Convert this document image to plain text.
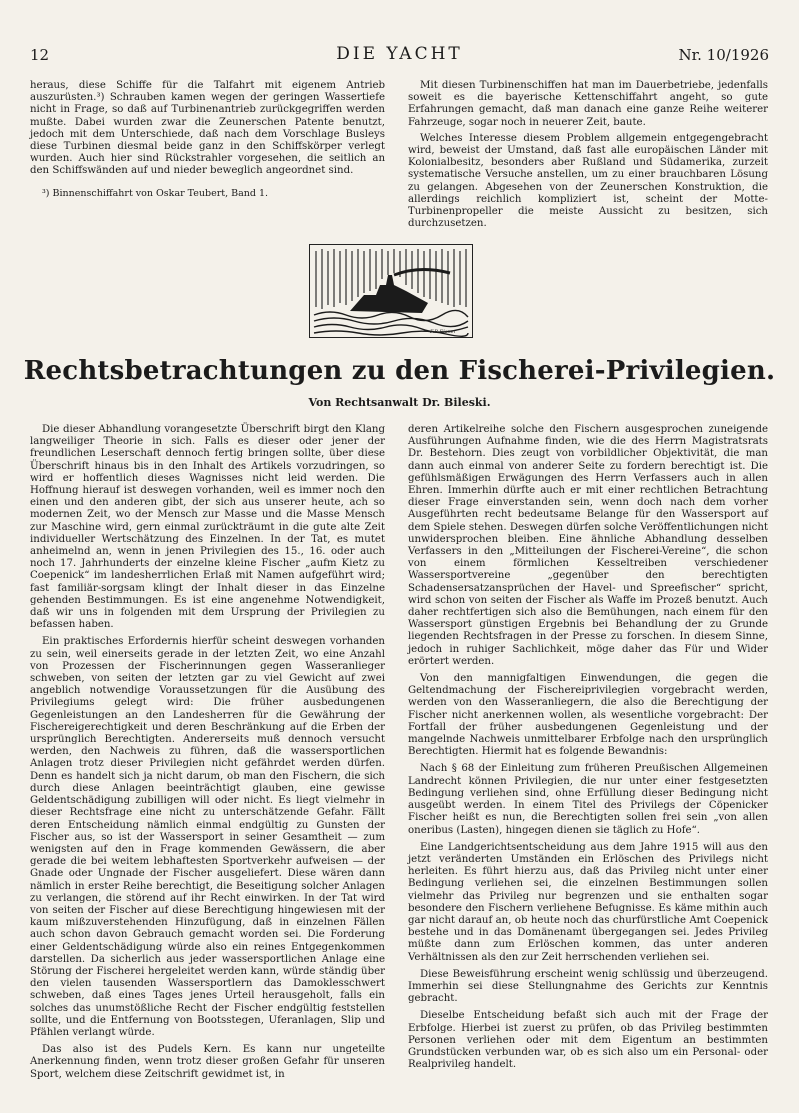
12	DIE YACHT	Nr. 10/1926

heraus, diese Schiffe für die Talfahrt mit eigenem Antrieb auszurüsten.³) Schrauben kamen wegen der geringen Wassertiefe nicht in Frage, so daß auf Turbinenantrieb zurückgegriffen werden mußte. Dabei wurden zwar die Zeunerschen Patente benutzt, jedoch mit dem Unterschiede, daß nach dem Vorschlage Busleys diese Turbinen diesmal beide ganz in den Schiffskörper verlegt wurden. Auch hier sind Rückstrahler vorgesehen, die seitlich an den Schiffswänden auf und nieder beweglich angeordnet sind.

³) Binnenschiffahrt von Oskar Teubert, Band 1.

Mit diesen Turbinenschiffen hat man im Dauerbetriebe, jedenfalls soweit es die bayerische Kettenschiffahrt angeht, so gute Erfahrungen gemacht, daß man danach eine ganze Reihe weiterer Fahrzeuge, sogar noch in neuerer Zeit, baute.

Welches Interesse diesem Problem allgemein entgegengebracht wird, beweist der Umstand, daß fast alle europäischen Länder mit Kolonialbesitz, besonders aber Rußland und Südamerika, zurzeit systematische Versuche anstellen, um zu einer brauchbaren Lösung zu gelangen. Abgesehen von der Zeunerschen Konstruktion, die allerdings reichlich kompliziert ist, scheint der Motte-Turbinenpropeller die meiste Aussicht zu besitzen, sich durchzusetzen.

F.R.Eisner
Rechtsbetrachtungen zu den Fischerei-Privilegien.
Von Rechtsanwalt Dr. Bileski.

Die dieser Abhandlung vorangesetzte Überschrift birgt den Klang langweiliger Theorie in sich. Falls es dieser oder jener der freundlichen Leserschaft dennoch fertig bringen sollte, über diese Überschrift hinaus bis in den Inhalt des Artikels vorzudringen, so wird er hoffentlich dieses Wagnisses nicht leid werden. Die Hoffnung hierauf ist deswegen vorhanden, weil es immer noch den einen und den anderen gibt, der sich aus unserer heute, ach so modernen Zeit, wo der Mensch zur Masse und die Masse Mensch zur Maschine wird, gern einmal zurückträumt in die gute alte Zeit individueller Wertschätzung des Einzelnen. In der Tat, es mutet anheimelnd an, wenn in jenen Privilegien des 15., 16. oder auch noch 17. Jahrhunderts der einzelne kleine Fischer „aufm Kietz zu Coepenick“ im landesherrlichen Erlaß mit Namen aufgeführt wird; fast familiär-sorgsam klingt der Inhalt dieser in das Einzelne gehenden Bestimmungen. Es ist eine angenehme Notwendigkeit, daß wir uns in folgenden mit dem Ursprung der Privilegien zu befassen haben.

Ein praktisches Erfordernis hierfür scheint deswegen vorhanden zu sein, weil einerseits gerade in der letzten Zeit, wo eine Anzahl von Prozessen der Fischerinnungen gegen Wasseranlieger schweben, von seiten der letzten gar zu viel Gewicht auf zwei angeblich notwendige Voraussetzungen für die Ausübung des Privilegiums gelegt wird: Die früher ausbedungenen Gegenleistungen an den Landesherren für die Gewährung der Fischereigerechtigkeit und deren Beschränkung auf die Erben der ursprünglich Berechtigten. Andererseits muß dennoch versucht werden, den Nachweis zu führen, daß die wassersportlichen Anlagen trotz dieser Privilegien nicht gefährdet werden dürfen. Denn es handelt sich ja nicht darum, ob man den Fischern, die sich durch diese Anlagen beeinträchtigt glauben, eine gewisse Geldentschädigung zubilligen will oder nicht. Es liegt vielmehr in dieser Rechtsfrage eine nicht zu unterschätzende Gefahr. Fällt deren Entscheidung nämlich einmal endgültig zu Gunsten der Fischer aus, so ist der Wassersport in seiner Gesamtheit — zum wenigsten auf den in Frage kommenden Gewässern, die aber gerade die bei weitem lebhaftesten Sportverkehr aufweisen — der Gnade oder Ungnade der Fischer ausgeliefert. Diese wären dann nämlich in erster Reihe berechtigt, die Beseitigung solcher Anlagen zu verlangen, die störend auf ihr Recht einwirken. In der Tat wird von seiten der Fischer auf diese Berechtigung hingewiesen mit der kaum mißzuverstehenden Hinzufügung, daß in einzelnen Fällen auch schon davon Gebrauch gemacht worden sei. Die Forderung einer Geldentschädigung würde also ein reines Entgegenkommen darstellen. Da sicherlich aus jeder wassersportlichen Anlage eine Störung der Fischerei hergeleitet werden kann, würde ständig über den vielen tausenden Wassersportlern das Damoklesschwert schweben, daß eines Tages jenes Urteil herausgeholt, falls ein solches das unumstößliche Recht der Fischer endgültig feststellen sollte, und die Entfernung von Bootsstegen, Uferanlagen, Slip und Pfählen verlangt würde.

Das also ist des Pudels Kern. Es kann nur ungeteilte Anerkennung finden, wenn trotz dieser großen Gefahr für unseren Sport, welchem diese Zeitschrift gewidmet ist, in

deren Artikelreihe solche den Fischern ausgesprochen zuneigende Ausführungen Aufnahme finden, wie die des Herrn Magistratsrats Dr. Bestehorn. Dies zeugt von vorbildlicher Objektivität, die man dann auch einmal von anderer Seite zu fordern berechtigt ist. Die gefühlsmäßigen Erwägungen des Herrn Verfassers auch in allen Ehren. Immerhin dürfte auch er mit einer rechtlichen Betrachtung dieser Frage einverstanden sein, wenn doch nach dem vorher Ausgeführten recht bedeutsame Belange für den Wassersport auf dem Spiele stehen. Deswegen dürfen solche Veröffentlichungen nicht unwidersprochen bleiben. Eine ähnliche Abhandlung desselben Verfassers in den „Mitteilungen der Fischerei-Vereine“, die schon von einem förmlichen Kesseltreiben verschiedener Wassersportvereine „gegenüber den berechtigten Schadensersatzansprüchen der Havel- und Spreefischer“ spricht, wird schon von seiten der Fischer als Waffe im Prozeß benutzt. Auch daher rechtfertigen sich also die Bemühungen, nach einem für den Wassersport günstigen Ergebnis bei Behandlung der zu Grunde liegenden Rechtsfragen in der Presse zu forschen. In diesem Sinne, jedoch in ruhiger Sachlichkeit, möge daher das Für und Wider erörtert werden.

Von den mannigfaltigen Einwendungen, die gegen die Geltendmachung der Fischereiprivilegien vorgebracht werden, werden von den Wasseranliegern, die also die Berechtigung der Fischer nicht anerkennen wollen, als wesentliche vorgebracht: Der Fortfall der früher ausbedungenen Gegenleistung und der mangelnde Nachweis unmittelbarer Erbfolge nach den ursprünglich Berechtigten. Hiermit hat es folgende Bewandnis:

Nach § 68 der Einleitung zum früheren Preußischen Allgemeinen Landrecht können Privilegien, die nur unter einer festgesetzten Bedingung verliehen sind, ohne Erfüllung dieser Bedingung nicht ausgeübt werden. In einem Titel des Privilegs der Cöpenicker Fischer heißt es nun, die Berechtigten sollen frei sein „von allen oneribus (Lasten), hingegen dienen sie täglich zu Hofe“.

Eine Landgerichtsentscheidung aus dem Jahre 1915 will aus den jetzt veränderten Umständen ein Erlöschen des Privilegs nicht herleiten. Es führt hierzu aus, daß das Privileg nicht unter einer Bedingung verliehen sei, die einzelnen Bestimmungen sollen vielmehr das Privileg nur begrenzen und sie enthalten sogar besondere den Fischern verliehene Befugnisse. Es käme mithin auch gar nicht darauf an, ob heute noch das churfürstliche Amt Coepenick bestehe und in das Domänenamt übergegangen sei. Jedes Privileg müßte dann zum Erlöschen kommen, das unter anderen Verhältnissen als den zur Zeit herrschenden verliehen sei.

Diese Beweisführung erscheint wenig schlüssig und überzeugend. Immerhin sei diese Stellungnahme des Gerichts zur Kenntnis gebracht.

Dieselbe Entscheidung befaßt sich auch mit der Frage der Erbfolge. Hierbei ist zuerst zu prüfen, ob das Privileg bestimmten Personen verliehen oder mit dem Eigentum an bestimmten Grundstücken verbunden war, ob es sich also um ein Personal- oder Realprivileg handelt.
